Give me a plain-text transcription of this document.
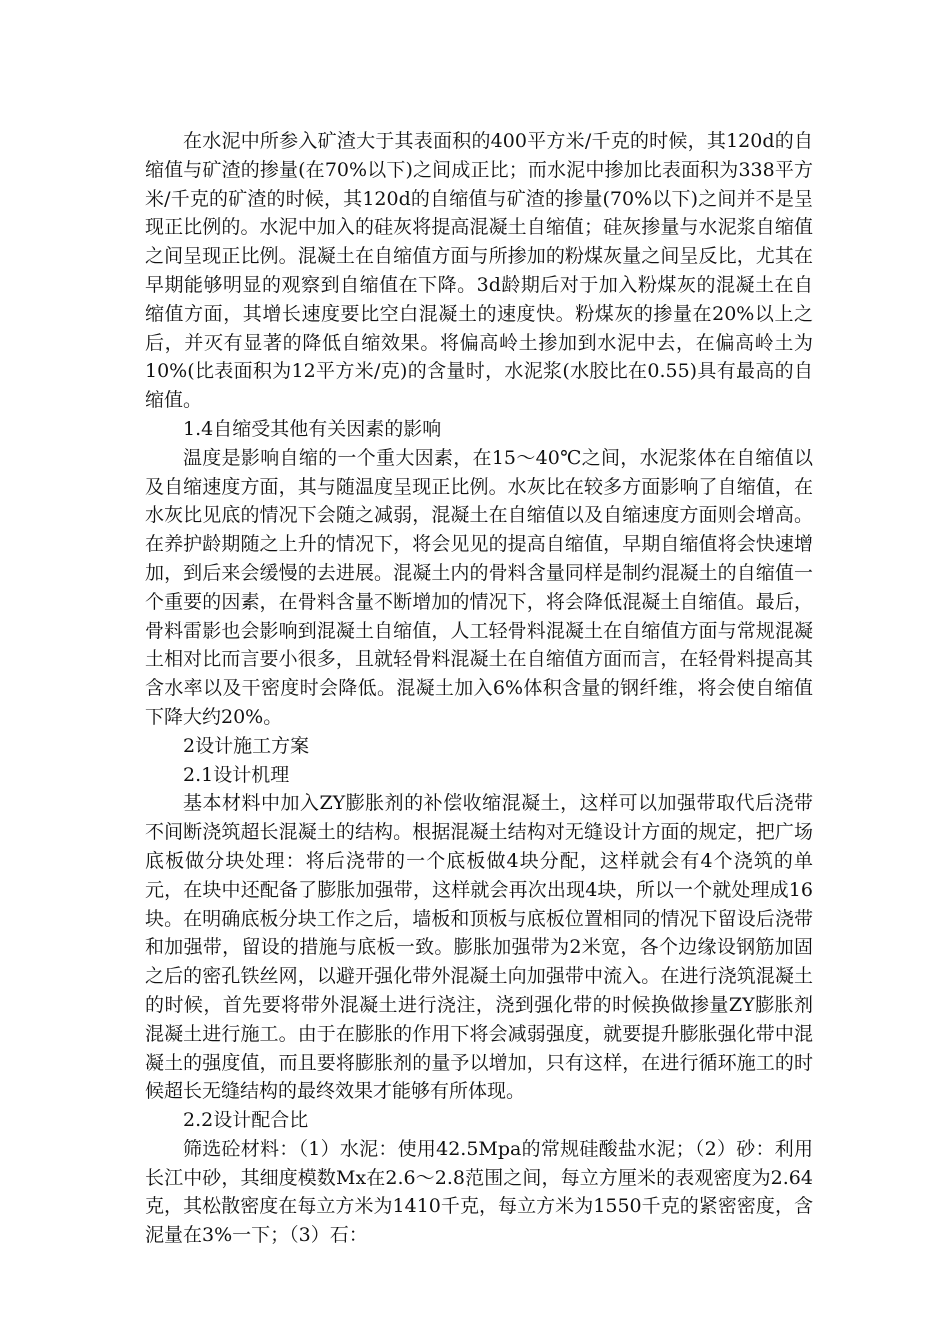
在水泥中所参入矿渣大于其表面积的400平方米/千克的时候，其120d的自缩值与矿渣的掺量(在70%以下)之间成正比；而水泥中掺加比表面积为338平方米/千克的矿渣的时候，其120d的自缩值与矿渣的掺量(70%以下)之间并不是呈现正比例的。水泥中加入的硅灰将提高混凝土自缩值；硅灰掺量与水泥浆自缩值之间呈现正比例。混凝土在自缩值方面与所掺加的粉煤灰量之间呈反比，尤其在早期能够明显的观察到自缩值在下降。3d龄期后对于加入粉煤灰的混凝土在自缩值方面，其增长速度要比空白混凝土的速度快。粉煤灰的掺量在20%以上之后，并灭有显著的降低自缩效果。将偏高岭土掺加到水泥中去，在偏高岭土为10%(比表面积为12平方米/克)的含量时，水泥浆(水胶比在0.55)具有最高的自缩值。

1.4自缩受其他有关因素的影响

温度是影响自缩的一个重大因素，在15～40℃之间，水泥浆体在自缩值以及自缩速度方面，其与随温度呈现正比例。水灰比在较多方面影响了自缩值，在水灰比见底的情况下会随之减弱，混凝土在自缩值以及自缩速度方面则会增高。在养护龄期随之上升的情况下，将会见见的提高自缩值，早期自缩值将会快速增加，到后来会缓慢的去进展。混凝土内的骨料含量同样是制约混凝土的自缩值一个重要的因素，在骨料含量不断增加的情况下，将会降低混凝土自缩值。最后，骨料雷影也会影响到混凝土自缩值，人工轻骨料混凝土在自缩值方面与常规混凝土相对比而言要小很多，且就轻骨料混凝土在自缩值方面而言，在轻骨料提高其含水率以及干密度时会降低。混凝土加入6%体积含量的钢纤维，将会使自缩值下降大约20%。

2设计施工方案

2.1设计机理

基本材料中加入ZY膨胀剂的补偿收缩混凝土，这样可以加强带取代后浇带不间断浇筑超长混凝土的结构。根据混凝土结构对无缝设计方面的规定，把广场底板做分块处理：将后浇带的一个底板做4块分配，这样就会有4个浇筑的单元，在块中还配备了膨胀加强带，这样就会再次出现4块，所以一个就处理成16块。在明确底板分块工作之后，墙板和顶板与底板位置相同的情况下留设后浇带和加强带，留设的措施与底板一致。膨胀加强带为2米宽，各个边缘设钢筋加固之后的密孔铁丝网，以避开强化带外混凝土向加强带中流入。在进行浇筑混凝土的时候，首先要将带外混凝土进行浇注，浇到强化带的时候换做掺量ZY膨胀剂混凝土进行施工。由于在膨胀的作用下将会减弱强度，就要提升膨胀强化带中混凝土的强度值，而且要将膨胀剂的量予以增加，只有这样，在进行循环施工的时候超长无缝结构的最终效果才能够有所体现。

2.2设计配合比

筛选砼材料：（1）水泥：使用42.5Mpa的常规硅酸盐水泥；（2）砂：利用长江中砂，其细度模数Mx在2.6～2.8范围之间，每立方厘米的表观密度为2.64克，其松散密度在每立方米为1410千克，每立方米为1550千克的紧密密度，含泥量在3%一下；（3）石：
